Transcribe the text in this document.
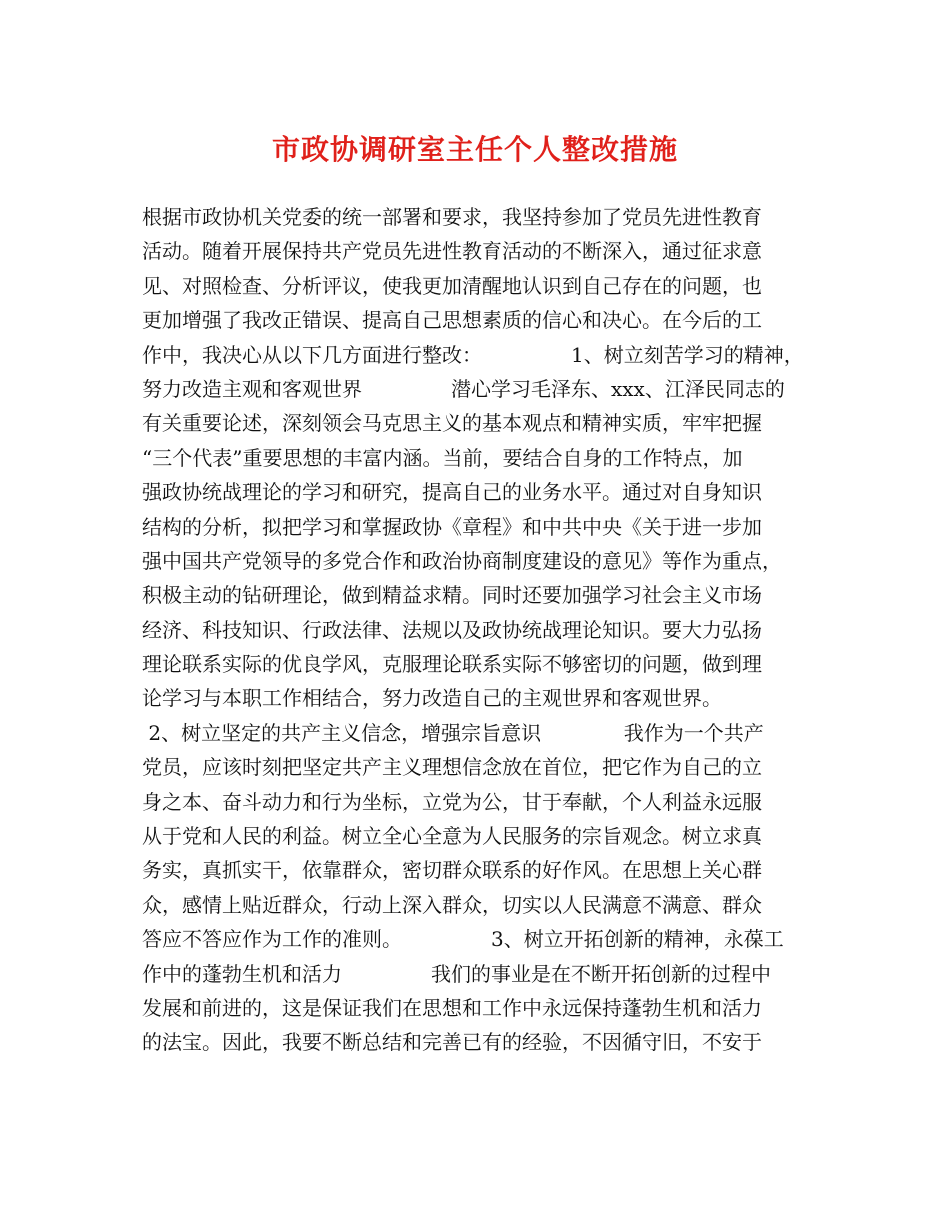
市政协调研室主任个人整改措施
根据市政协机关党委的统一部署和要求，我坚持参加了党员先进性教育
活动。随着开展保持共产党员先进性教育活动的不断深入，通过征求意
见、对照检查、分析评议，使我更加清醒地认识到自己存在的问题，也
更加增强了我改正错误、提高自己思想素质的信心和决心。在今后的工
作中，我决心从以下几方面进行整改：              1、树立刻苦学习的精神，
努力改造主观和客观世界              潜心学习毛泽东、xxx、江泽民同志的
有关重要论述，深刻领会马克思主义的基本观点和精神实质，牢牢把握
“三个代表”重要思想的丰富内涵。当前，要结合自身的工作特点，加
强政协统战理论的学习和研究，提高自己的业务水平。通过对自身知识
结构的分析，拟把学习和掌握政协《章程》和中共中央《关于进一步加
强中国共产党领导的多党合作和政治协商制度建设的意见》等作为重点，
积极主动的钻研理论，做到精益求精。同时还要加强学习社会主义市场
经济、科技知识、行政法律、法规以及政协统战理论知识。要大力弘扬
理论联系实际的优良学风，克服理论联系实际不够密切的问题，做到理
论学习与本职工作相结合，努力改造自己的主观世界和客观世界。
2、树立坚定的共产主义信念，增强宗旨意识             我作为一个共产
党员，应该时刻把坚定共产主义理想信念放在首位，把它作为自己的立
身之本、奋斗动力和行为坐标，立党为公，甘于奉献，个人利益永远服
从于党和人民的利益。树立全心全意为人民服务的宗旨观念。树立求真
务实，真抓实干，依靠群众，密切群众联系的好作风。在思想上关心群
众，感情上贴近群众，行动上深入群众，切实以人民满意不满意、群众
答应不答应作为工作的准则。              3、树立开拓创新的精神，永葆工
作中的蓬勃生机和活力              我们的事业是在不断开拓创新的过程中
发展和前进的，这是保证我们在思想和工作中永远保持蓬勃生机和活力
的法宝。因此，我要不断总结和完善已有的经验，不因循守旧，不安于
